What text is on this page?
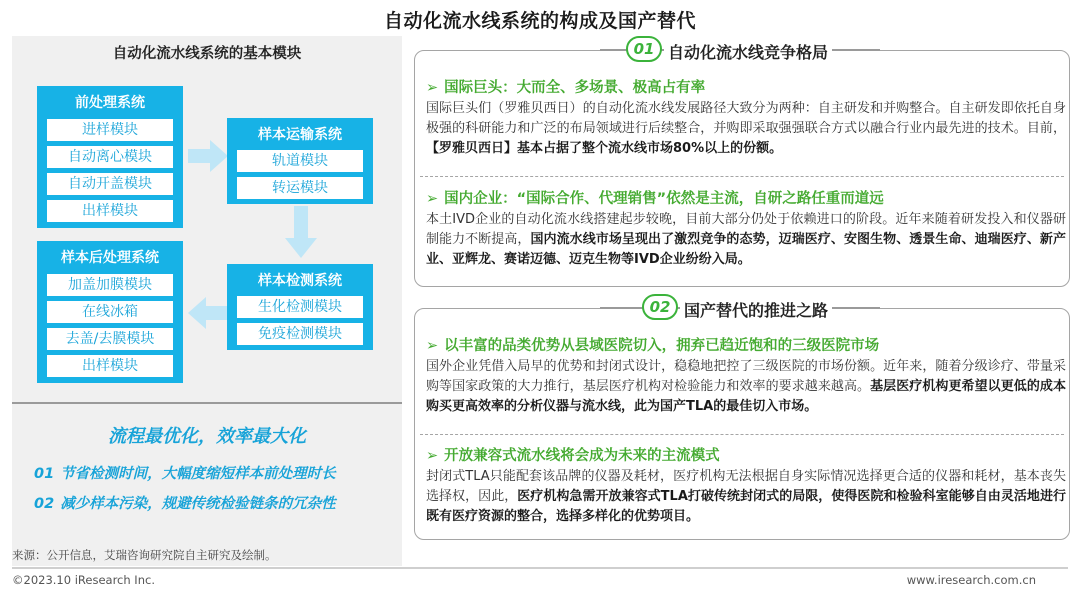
自动化流水线系统的构成及国产替代
自动化流水线系统的基本模块
前处理系统
进样模块
自动离心模块
自动开盖模块
出样模块
样本运输系统
轨道模块
转运模块
样本后处理系统
加盖加膜模块
在线冰箱
去盖/去膜模块
出样模块
样本检测系统
生化检测模块
免疫检测模块
流程最优化，效率最大化
01 节省检测时间，大幅度缩短样本前处理时长
02 减少样本污染，规避传统检验链条的冗杂性
01 自动化流水线竞争格局
➢ 国际巨头：大而全、多场景、极高占有率
国际巨头们（罗雅贝西日）的自动化流水线发展路径大致分为两种：自主研发和并购整合。自主研发即依托自身极强的科研能力和广泛的布局领域进行后续整合，并购即采取强强联合方式以融合行业内最先进的技术。目前，【罗雅贝西日】基本占据了整个流水线市场80%以上的份额。
➢ 国内企业：“国际合作、代理销售”依然是主流，自研之路任重而道远
本土IVD企业的自动化流水线搭建起步较晚，目前大部分仍处于依赖进口的阶段。近年来随着研发投入和仪器研制能力不断提高，国内流水线市场呈现出了激烈竞争的态势，迈瑞医疗、安图生物、透景生命、迪瑞医疗、新产业、亚辉龙、赛诺迈德、迈克生物等IVD企业纷纷入局。
02 国产替代的推进之路
➢ 以丰富的品类优势从县域医院切入，拥弃已趋近饱和的三级医院市场
国外企业凭借入局早的优势和封闭式设计，稳稳地把控了三级医院的市场份额。近年来，随着分级诊疗、带量采购等国家政策的大力推行，基层医疗机构对检验能力和效率的要求越来越高。基层医疗机构更希望以更低的成本购买更高效率的分析仪器与流水线，此为国产TLA的最佳切入市场。
➢ 开放兼容式流水线将会成为未来的主流模式
封闭式TLA只能配套该品牌的仪器及耗材，医疗机构无法根据自身实际情况选择更合适的仪器和耗材，基本丧失选择权，因此，医疗机构急需开放兼容式TLA打破传统封闭式的局限，使得医院和检验科室能够自由灵活地进行既有医疗资源的整合，选择多样化的优势项目。
来源：公开信息，艾瑞咨询研究院自主研究及绘制。
©2023.10 iResearch Inc.	www.iresearch.com.cn
